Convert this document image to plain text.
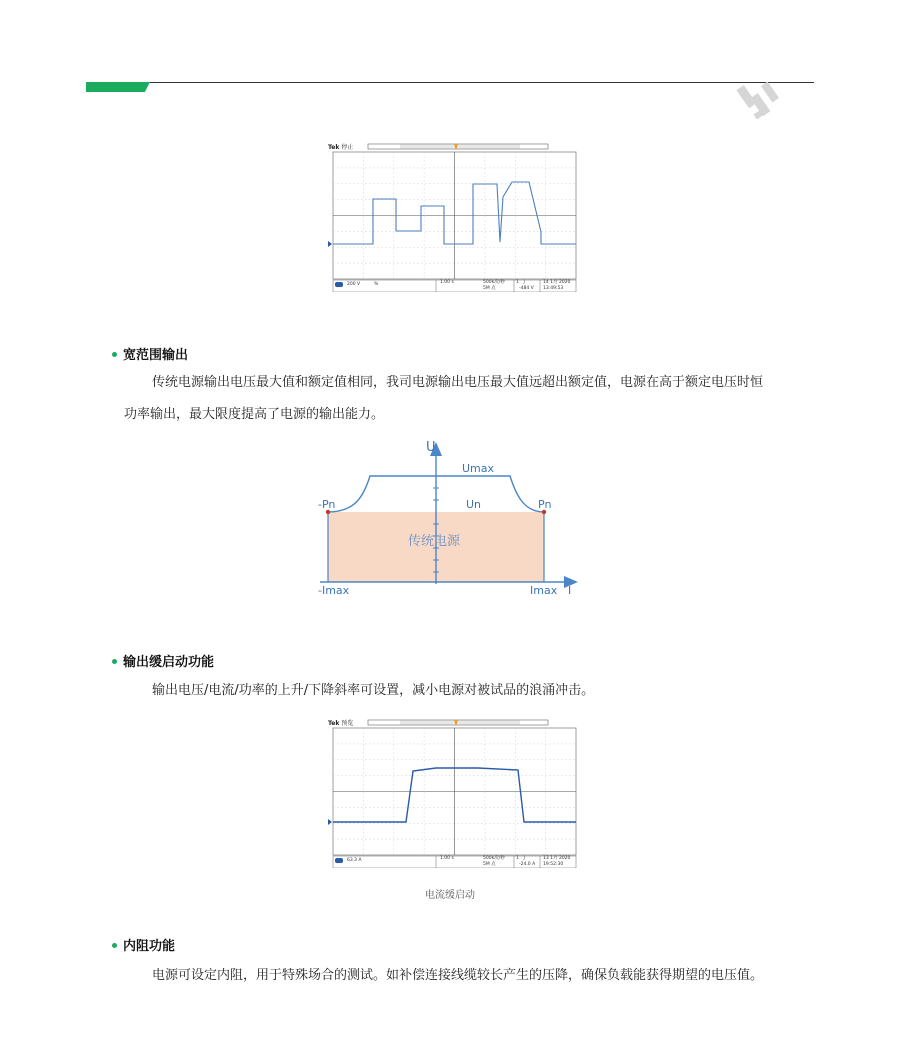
Tek 停止
200 V	%	1.00 s	500k次/秒
5M 点
1 ∫
-484 V
14 1月 2020
13:49:53
宽范围输出
传统电源输出电压最大值和额定值相同，我司电源输出电压最大值远超出额定值，电源在高于额定电压时恒
功率输出，最大限度提高了电源的输出能力。
U
I
Umax
Un
-Pn	Pn
-Imax	Imax
传统电源
输出缓启动功能
输出电压/电流/功率的上升/下降斜率可设置，减小电源对被试品的浪涌冲击。
Tek 预览
63.3 A	1.00 s	500k次/秒
5M 点
1 ∫
-24.0 A
13 1月 2020
19:52:30
电流缓启动
内阻功能
电源可设定内阻，用于特殊场合的测试。如补偿连接线缆较长产生的压降，确保负载能获得期望的电压值。
